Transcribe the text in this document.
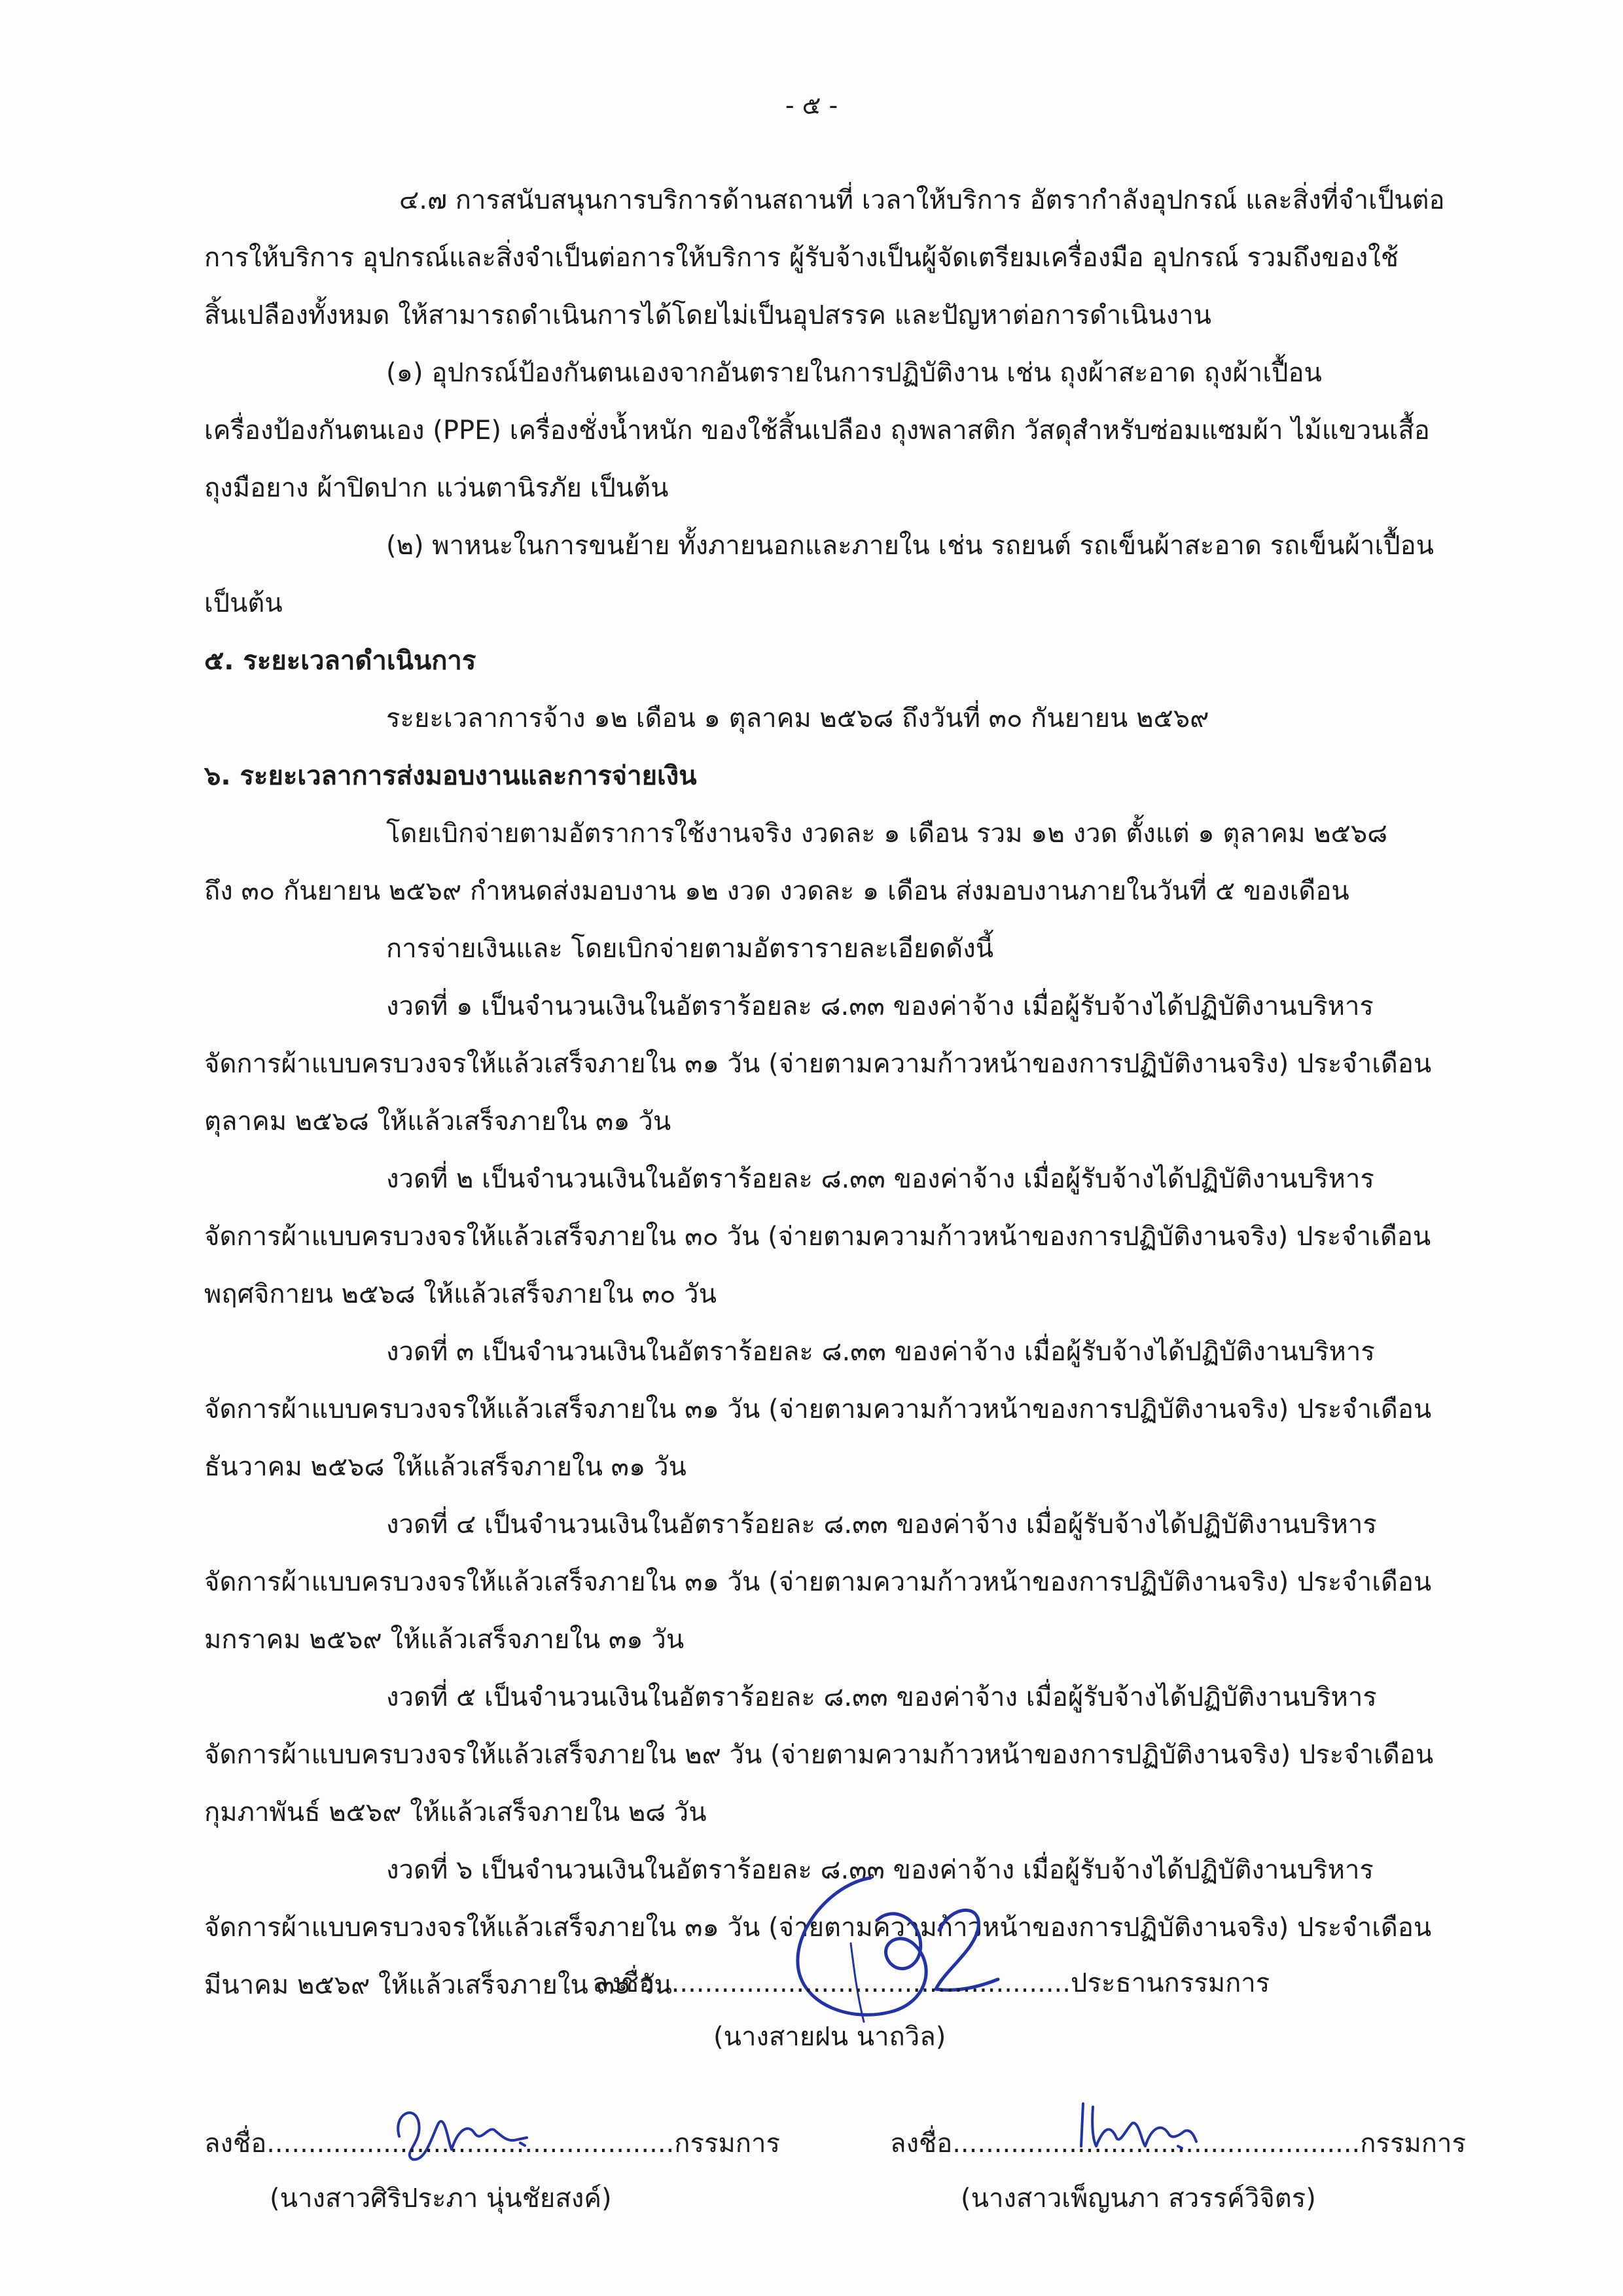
- ๕ -
๔.๗ การสนับสนุนการบริการด้านสถานที่ เวลาให้บริการ อัตรากำลังอุปกรณ์ และสิ่งที่จำเป็นต่อ
การให้บริการ อุปกรณ์และสิ่งจำเป็นต่อการให้บริการ ผู้รับจ้างเป็นผู้จัดเตรียมเครื่องมือ อุปกรณ์ รวมถึงของใช้
สิ้นเปลืองทั้งหมด ให้สามารถดำเนินการได้โดยไม่เป็นอุปสรรค และปัญหาต่อการดำเนินงาน
(๑) อุปกรณ์ป้องกันตนเองจากอันตรายในการปฏิบัติงาน เช่น ถุงผ้าสะอาด ถุงผ้าเปื้อน
เครื่องป้องกันตนเอง (PPE) เครื่องชั่งน้ำหนัก ของใช้สิ้นเปลือง ถุงพลาสติก วัสดุสำหรับซ่อมแซมผ้า ไม้แขวนเสื้อ
ถุงมือยาง ผ้าปิดปาก แว่นตานิรภัย เป็นต้น
(๒) พาหนะในการขนย้าย ทั้งภายนอกและภายใน เช่น รถยนต์ รถเข็นผ้าสะอาด รถเข็นผ้าเปื้อน
เป็นต้น
๕. ระยะเวลาดำเนินการ
ระยะเวลาการจ้าง ๑๒ เดือน ๑ ตุลาคม ๒๕๖๘ ถึงวันที่ ๓๐ กันยายน ๒๕๖๙
๖. ระยะเวลาการส่งมอบงานและการจ่ายเงิน
โดยเบิกจ่ายตามอัตราการใช้งานจริง งวดละ ๑ เดือน รวม ๑๒ งวด ตั้งแต่ ๑ ตุลาคม ๒๕๖๘
ถึง ๓๐ กันยายน ๒๕๖๙ กำหนดส่งมอบงาน ๑๒ งวด งวดละ ๑ เดือน ส่งมอบงานภายในวันที่ ๕ ของเดือน
การจ่ายเงินและ โดยเบิกจ่ายตามอัตรารายละเอียดดังนี้
งวดที่ ๑ เป็นจำนวนเงินในอัตราร้อยละ ๘.๓๓ ของค่าจ้าง เมื่อผู้รับจ้างได้ปฏิบัติงานบริหาร
จัดการผ้าแบบครบวงจรให้แล้วเสร็จภายใน ๓๑ วัน (จ่ายตามความก้าวหน้าของการปฏิบัติงานจริง) ประจำเดือน
ตุลาคม ๒๕๖๘ ให้แล้วเสร็จภายใน ๓๑ วัน
งวดที่ ๒ เป็นจำนวนเงินในอัตราร้อยละ ๘.๓๓ ของค่าจ้าง เมื่อผู้รับจ้างได้ปฏิบัติงานบริหาร
จัดการผ้าแบบครบวงจรให้แล้วเสร็จภายใน ๓๐ วัน (จ่ายตามความก้าวหน้าของการปฏิบัติงานจริง) ประจำเดือน
พฤศจิกายน ๒๕๖๘ ให้แล้วเสร็จภายใน ๓๐ วัน
งวดที่ ๓ เป็นจำนวนเงินในอัตราร้อยละ ๘.๓๓ ของค่าจ้าง เมื่อผู้รับจ้างได้ปฏิบัติงานบริหาร
จัดการผ้าแบบครบวงจรให้แล้วเสร็จภายใน ๓๑ วัน (จ่ายตามความก้าวหน้าของการปฏิบัติงานจริง) ประจำเดือน
ธันวาคม ๒๕๖๘ ให้แล้วเสร็จภายใน ๓๑ วัน
งวดที่ ๔ เป็นจำนวนเงินในอัตราร้อยละ ๘.๓๓ ของค่าจ้าง เมื่อผู้รับจ้างได้ปฏิบัติงานบริหาร
จัดการผ้าแบบครบวงจรให้แล้วเสร็จภายใน ๓๑ วัน (จ่ายตามความก้าวหน้าของการปฏิบัติงานจริง) ประจำเดือน
มกราคม ๒๕๖๙ ให้แล้วเสร็จภายใน ๓๑ วัน
งวดที่ ๕ เป็นจำนวนเงินในอัตราร้อยละ ๘.๓๓ ของค่าจ้าง เมื่อผู้รับจ้างได้ปฏิบัติงานบริหาร
จัดการผ้าแบบครบวงจรให้แล้วเสร็จภายใน ๒๙ วัน (จ่ายตามความก้าวหน้าของการปฏิบัติงานจริง) ประจำเดือน
กุมภาพันธ์ ๒๕๖๙ ให้แล้วเสร็จภายใน ๒๘ วัน
งวดที่ ๖ เป็นจำนวนเงินในอัตราร้อยละ ๘.๓๓ ของค่าจ้าง เมื่อผู้รับจ้างได้ปฏิบัติงานบริหาร
จัดการผ้าแบบครบวงจรให้แล้วเสร็จภายใน ๓๑ วัน (จ่ายตามความก้าวหน้าของการปฏิบัติงานจริง) ประจำเดือน
มีนาคม ๒๕๖๙ ให้แล้วเสร็จภายใน ๓๑ วัน
ลงชื่อ..................................................ประธานกรรมการ
(นางสายฝน นาถวิล)
ลงชื่อ.................................................กรรมการ
(นางสาวศิริประภา นุ่นชัยสงค์)
ลงชื่อ.................................................กรรมการ
(นางสาวเพ็ญนภา สวรรค์วิจิตร)
